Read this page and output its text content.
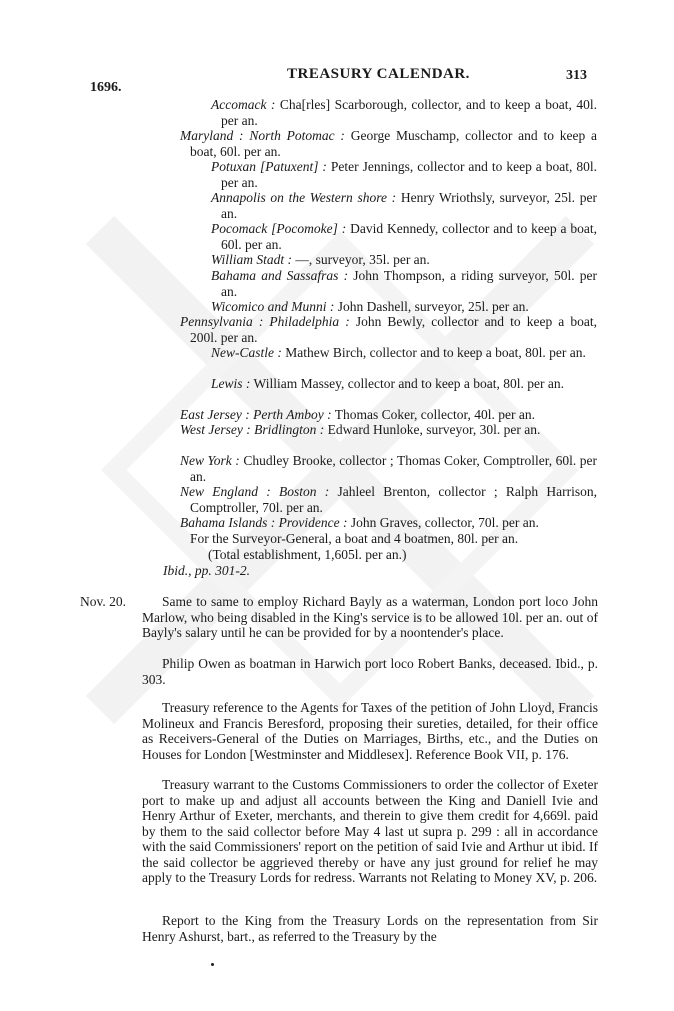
1696.
TREASURY CALENDAR.	313
Accomack : Cha[rles] Scarborough, collector, and to keep a boat, 40l. per an.
Maryland : North Potomac : George Muschamp, collector and to keep a boat, 60l. per an.
Potuxan [Patuxent] : Peter Jennings, collector and to keep a boat, 80l. per an.
Annapolis on the Western shore : Henry Wriothsly, surveyor, 25l. per an.
Pocomack [Pocomoke] : David Kennedy, collector and to keep a boat, 60l. per an.
William Stadt : —, surveyor, 35l. per an.
Bahama and Sassafras : John Thompson, a riding surveyor, 50l. per an.
Wicomico and Munni : John Dashell, surveyor, 25l. per an.
Pennsylvania : Philadelphia : John Bewly, collector and to keep a boat, 200l. per an.
New-Castle : Mathew Birch, collector and to keep a boat, 80l. per an.
Lewis : William Massey, collector and to keep a boat, 80l. per an.
East Jersey : Perth Amboy : Thomas Coker, collector, 40l. per an.
West Jersey : Bridlington : Edward Hunloke, surveyor, 30l. per an.
New York : Chudley Brooke, collector ; Thomas Coker, Comptroller, 60l. per an.
New England : Boston : Jahleel Brenton, collector ; Ralph Harrison, Comptroller, 70l. per an.
Bahama Islands : Providence : John Graves, collector, 70l. per an.
For the Surveyor-General, a boat and 4 boatmen, 80l. per an.
(Total establishment, 1,605l. per an.)
Ibid., pp. 301-2.
Nov. 20.	Same to same to employ Richard Bayly as a waterman, London port loco John Marlow, who being disabled in the King's service is to be allowed 10l. per an. out of Bayly's salary until he can be provided for by a noontender's place.
Philip Owen as boatman in Harwich port loco Robert Banks, deceased. Ibid., p. 303.
Treasury reference to the Agents for Taxes of the petition of John Lloyd, Francis Molineux and Francis Beresford, proposing their sureties, detailed, for their office as Receivers-General of the Duties on Marriages, Births, etc., and the Duties on Houses for London [Westminster and Middlesex]. Reference Book VII, p. 176.
Treasury warrant to the Customs Commissioners to order the collector of Exeter port to make up and adjust all accounts between the King and Daniell Ivie and Henry Arthur of Exeter, merchants, and therein to give them credit for 4,669l. paid by them to the said collector before May 4 last ut supra p. 299 : all in accordance with the said Commissioners' report on the petition of said Ivie and Arthur ut ibid. If the said collector be aggrieved thereby or have any just ground for relief he may apply to the Treasury Lords for redress. Warrants not Relating to Money XV, p. 206.
Report to the King from the Treasury Lords on the representation from Sir Henry Ashurst, bart., as referred to the Treasury by the
